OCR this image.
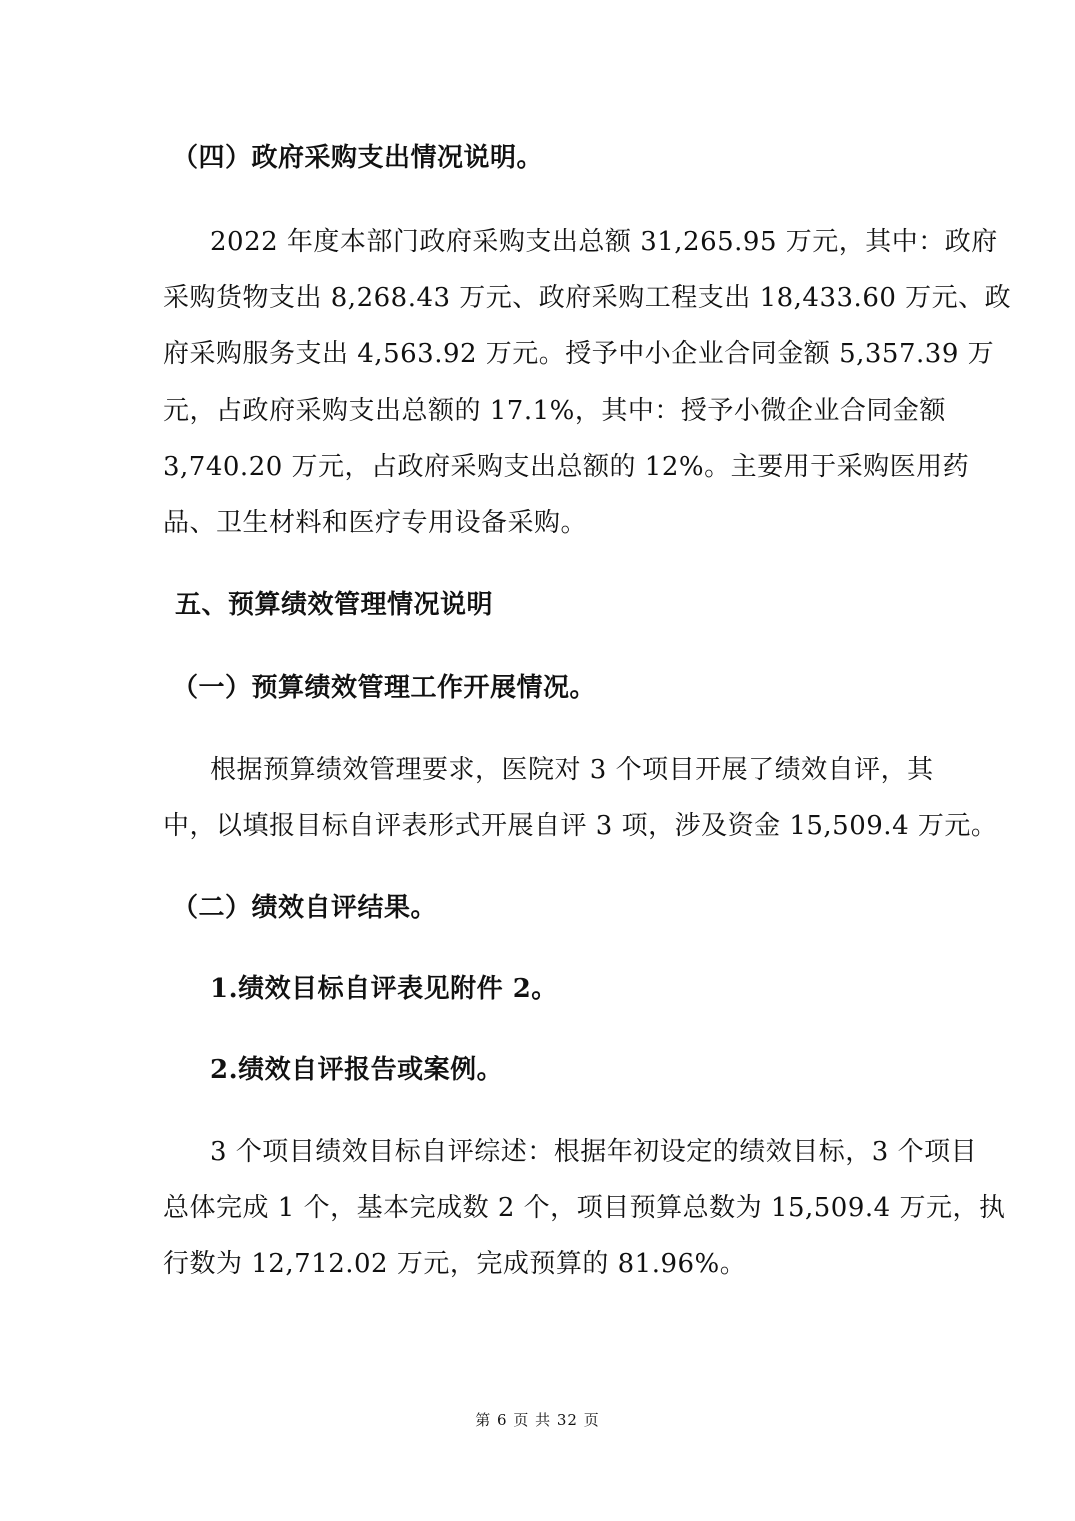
（四）政府采购支出情况说明。
2022 年度本部门政府采购支出总额 31,265.95 万元，其中：政府
采购货物支出 8,268.43 万元、政府采购工程支出 18,433.60 万元、政
府采购服务支出 4,563.92 万元。授予中小企业合同金额 5,357.39 万
元，占政府采购支出总额的 17.1%，其中：授予小微企业合同金额
3,740.20 万元，占政府采购支出总额的 12%。主要用于采购医用药
品、卫生材料和医疗专用设备采购。
五、预算绩效管理情况说明
（一）预算绩效管理工作开展情况。
根据预算绩效管理要求，医院对 3 个项目开展了绩效自评，其
中，以填报目标自评表形式开展自评 3 项，涉及资金 15,509.4 万元。
（二）绩效自评结果。
1.绩效目标自评表见附件 2。
2.绩效自评报告或案例。
3 个项目绩效目标自评综述：根据年初设定的绩效目标，3 个项目
总体完成 1 个，基本完成数 2 个，项目预算总数为 15,509.4 万元，执
行数为 12,712.02 万元，完成预算的 81.96%。
第 6 页 共 32 页
